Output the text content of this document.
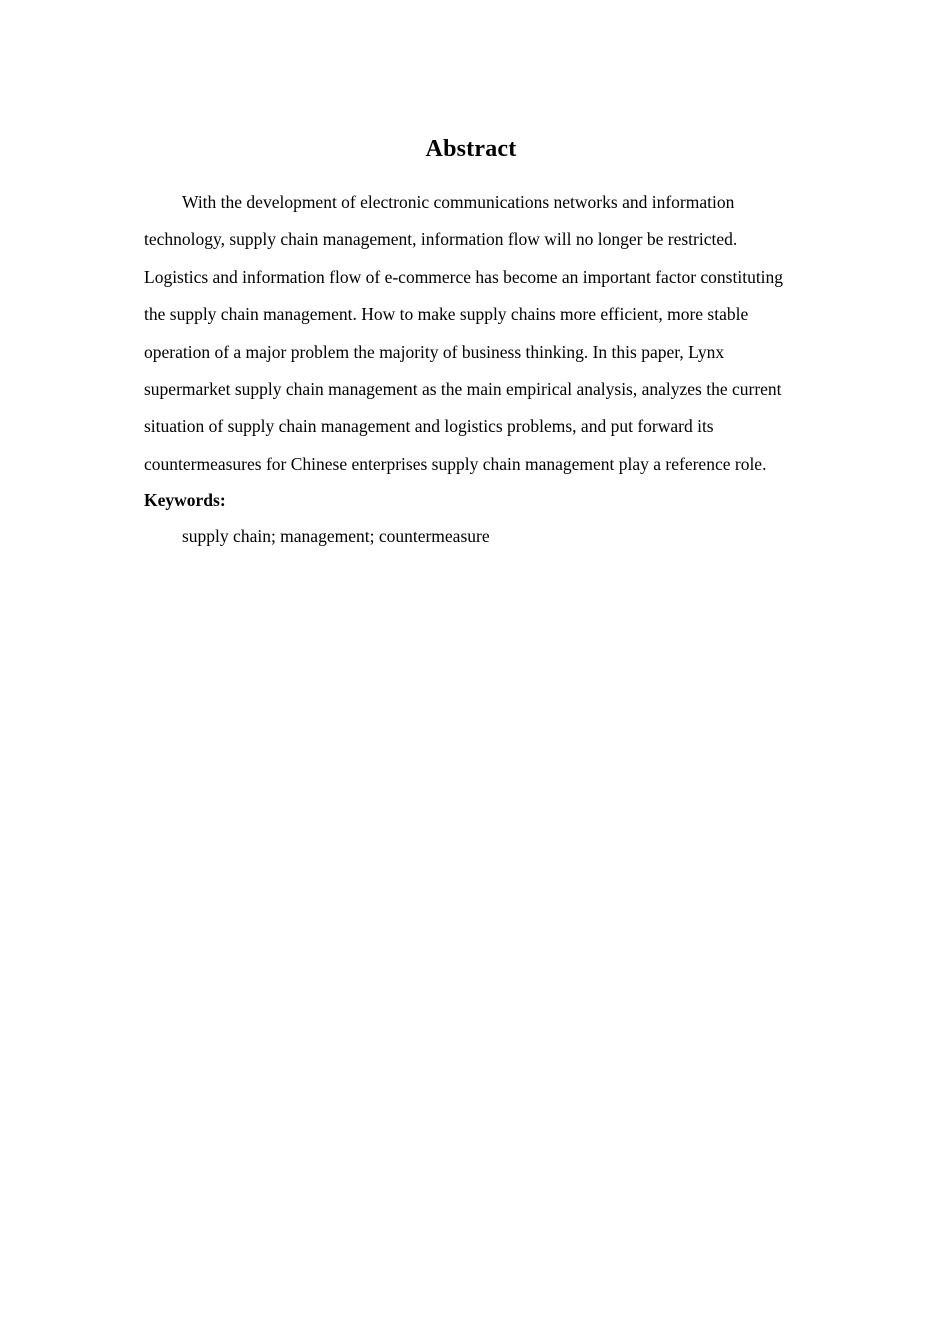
Abstract

With the development of electronic communications networks and information technology, supply chain management, information flow will no longer be restricted. Logistics and information flow of e-commerce has become an important factor constituting the supply chain management. How to make supply chains more efficient, more stable operation of a major problem the majority of business thinking. In this paper, Lynx supermarket supply chain management as the main empirical analysis, analyzes the current situation of supply chain management and logistics problems, and put forward its countermeasures for Chinese enterprises supply chain management play a reference role.

Keywords:

supply chain; management; countermeasure
